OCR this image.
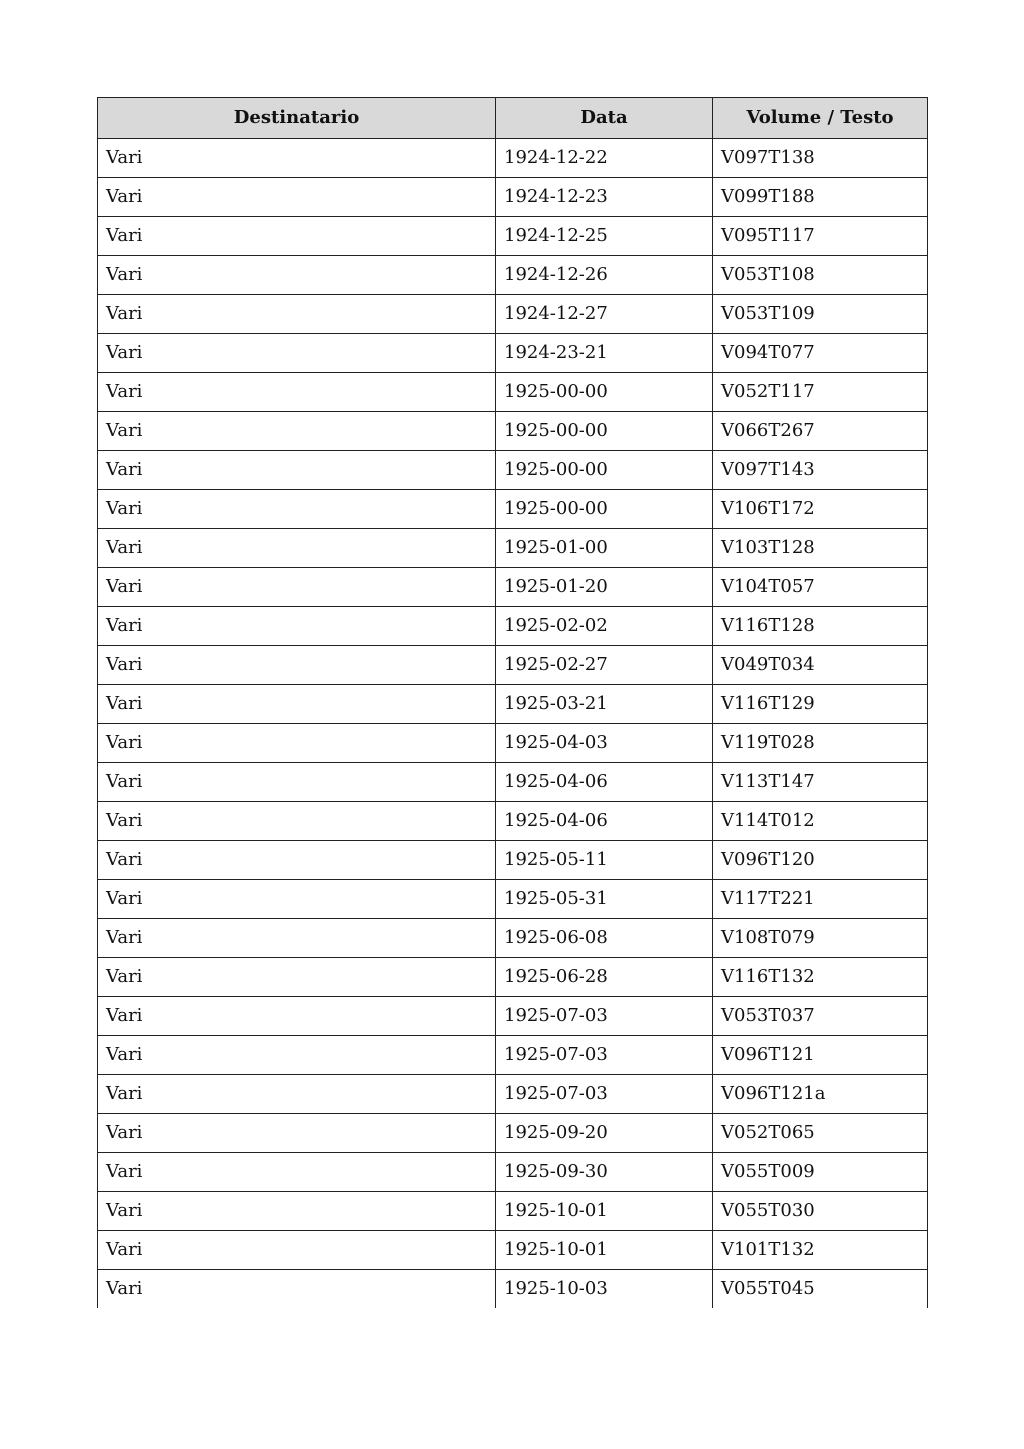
Destinatario	Data	Volume / Testo
Vari	1924-12-22	V097T138
Vari	1924-12-23	V099T188
Vari	1924-12-25	V095T117
Vari	1924-12-26	V053T108
Vari	1924-12-27	V053T109
Vari	1924-23-21	V094T077
Vari	1925-00-00	V052T117
Vari	1925-00-00	V066T267
Vari	1925-00-00	V097T143
Vari	1925-00-00	V106T172
Vari	1925-01-00	V103T128
Vari	1925-01-20	V104T057
Vari	1925-02-02	V116T128
Vari	1925-02-27	V049T034
Vari	1925-03-21	V116T129
Vari	1925-04-03	V119T028
Vari	1925-04-06	V113T147
Vari	1925-04-06	V114T012
Vari	1925-05-11	V096T120
Vari	1925-05-31	V117T221
Vari	1925-06-08	V108T079
Vari	1925-06-28	V116T132
Vari	1925-07-03	V053T037
Vari	1925-07-03	V096T121
Vari	1925-07-03	V096T121a
Vari	1925-09-20	V052T065
Vari	1925-09-30	V055T009
Vari	1925-10-01	V055T030
Vari	1925-10-01	V101T132
Vari	1925-10-03	V055T045
